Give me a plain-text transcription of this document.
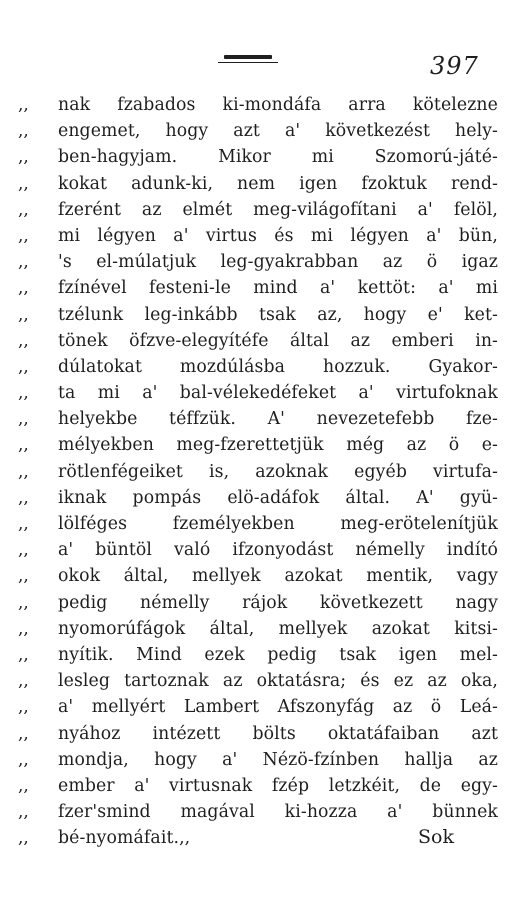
397
,,	nak fzabados ki-mondáfa arra kötelezne
,,	engemet, hogy azt a' következést hely-
,,	ben-hagyjam. Mikor mi Szomorú-játé-
,,	kokat adunk-ki, nem igen fzoktuk rend-
,,	fzerént az elmét meg-világofítani a' felöl,
,,	mi légyen a' virtus és mi légyen a' bün,
,,	's el-múlatjuk leg-gyakrabban az ö igaz
,,	fzínével festeni-le mind a' kettöt: a' mi
,,	tzélunk leg-inkább tsak az, hogy e' ket-
,,	tönek öfzve-elegyítéfe által az emberi in-
,,	dúlatokat mozdúlásba hozzuk. Gyakor-
,,	ta mi a' bal-vélekedéfeket a' virtufoknak
,,	helyekbe téffzük. A' nevezetefebb fze-
,,	mélyekben meg-fzerettetjük még az ö e-
,,	rötlenfégeiket is, azoknak egyéb virtufa-
,,	iknak pompás elö-adáfok által. A' gyü-
,,	lölféges fzemélyekben meg-erötelenítjük
,,	a' büntöl való ifzonyodást némelly indító
,,	okok által, mellyek azokat mentik, vagy
,,	pedig némelly rájok következett nagy
,,	nyomorúfágok által, mellyek azokat kitsi-
,,	nyítik. Mind ezek pedig tsak igen mel-
,,	lesleg tartoznak az oktatásra; és ez az oka,
,,	a' mellyért Lambert Afszonyfág az ö Leá-
,,	nyához intézett bölts oktatáfaiban azt
,,	mondja, hogy a' Nézö-fzínben hallja az
,,	ember a' virtusnak fzép letzkéit, de egy-
,,	fzer'smind magával ki-hozza a' bünnek
,,	bé-nyomáfait.,,	Sok
